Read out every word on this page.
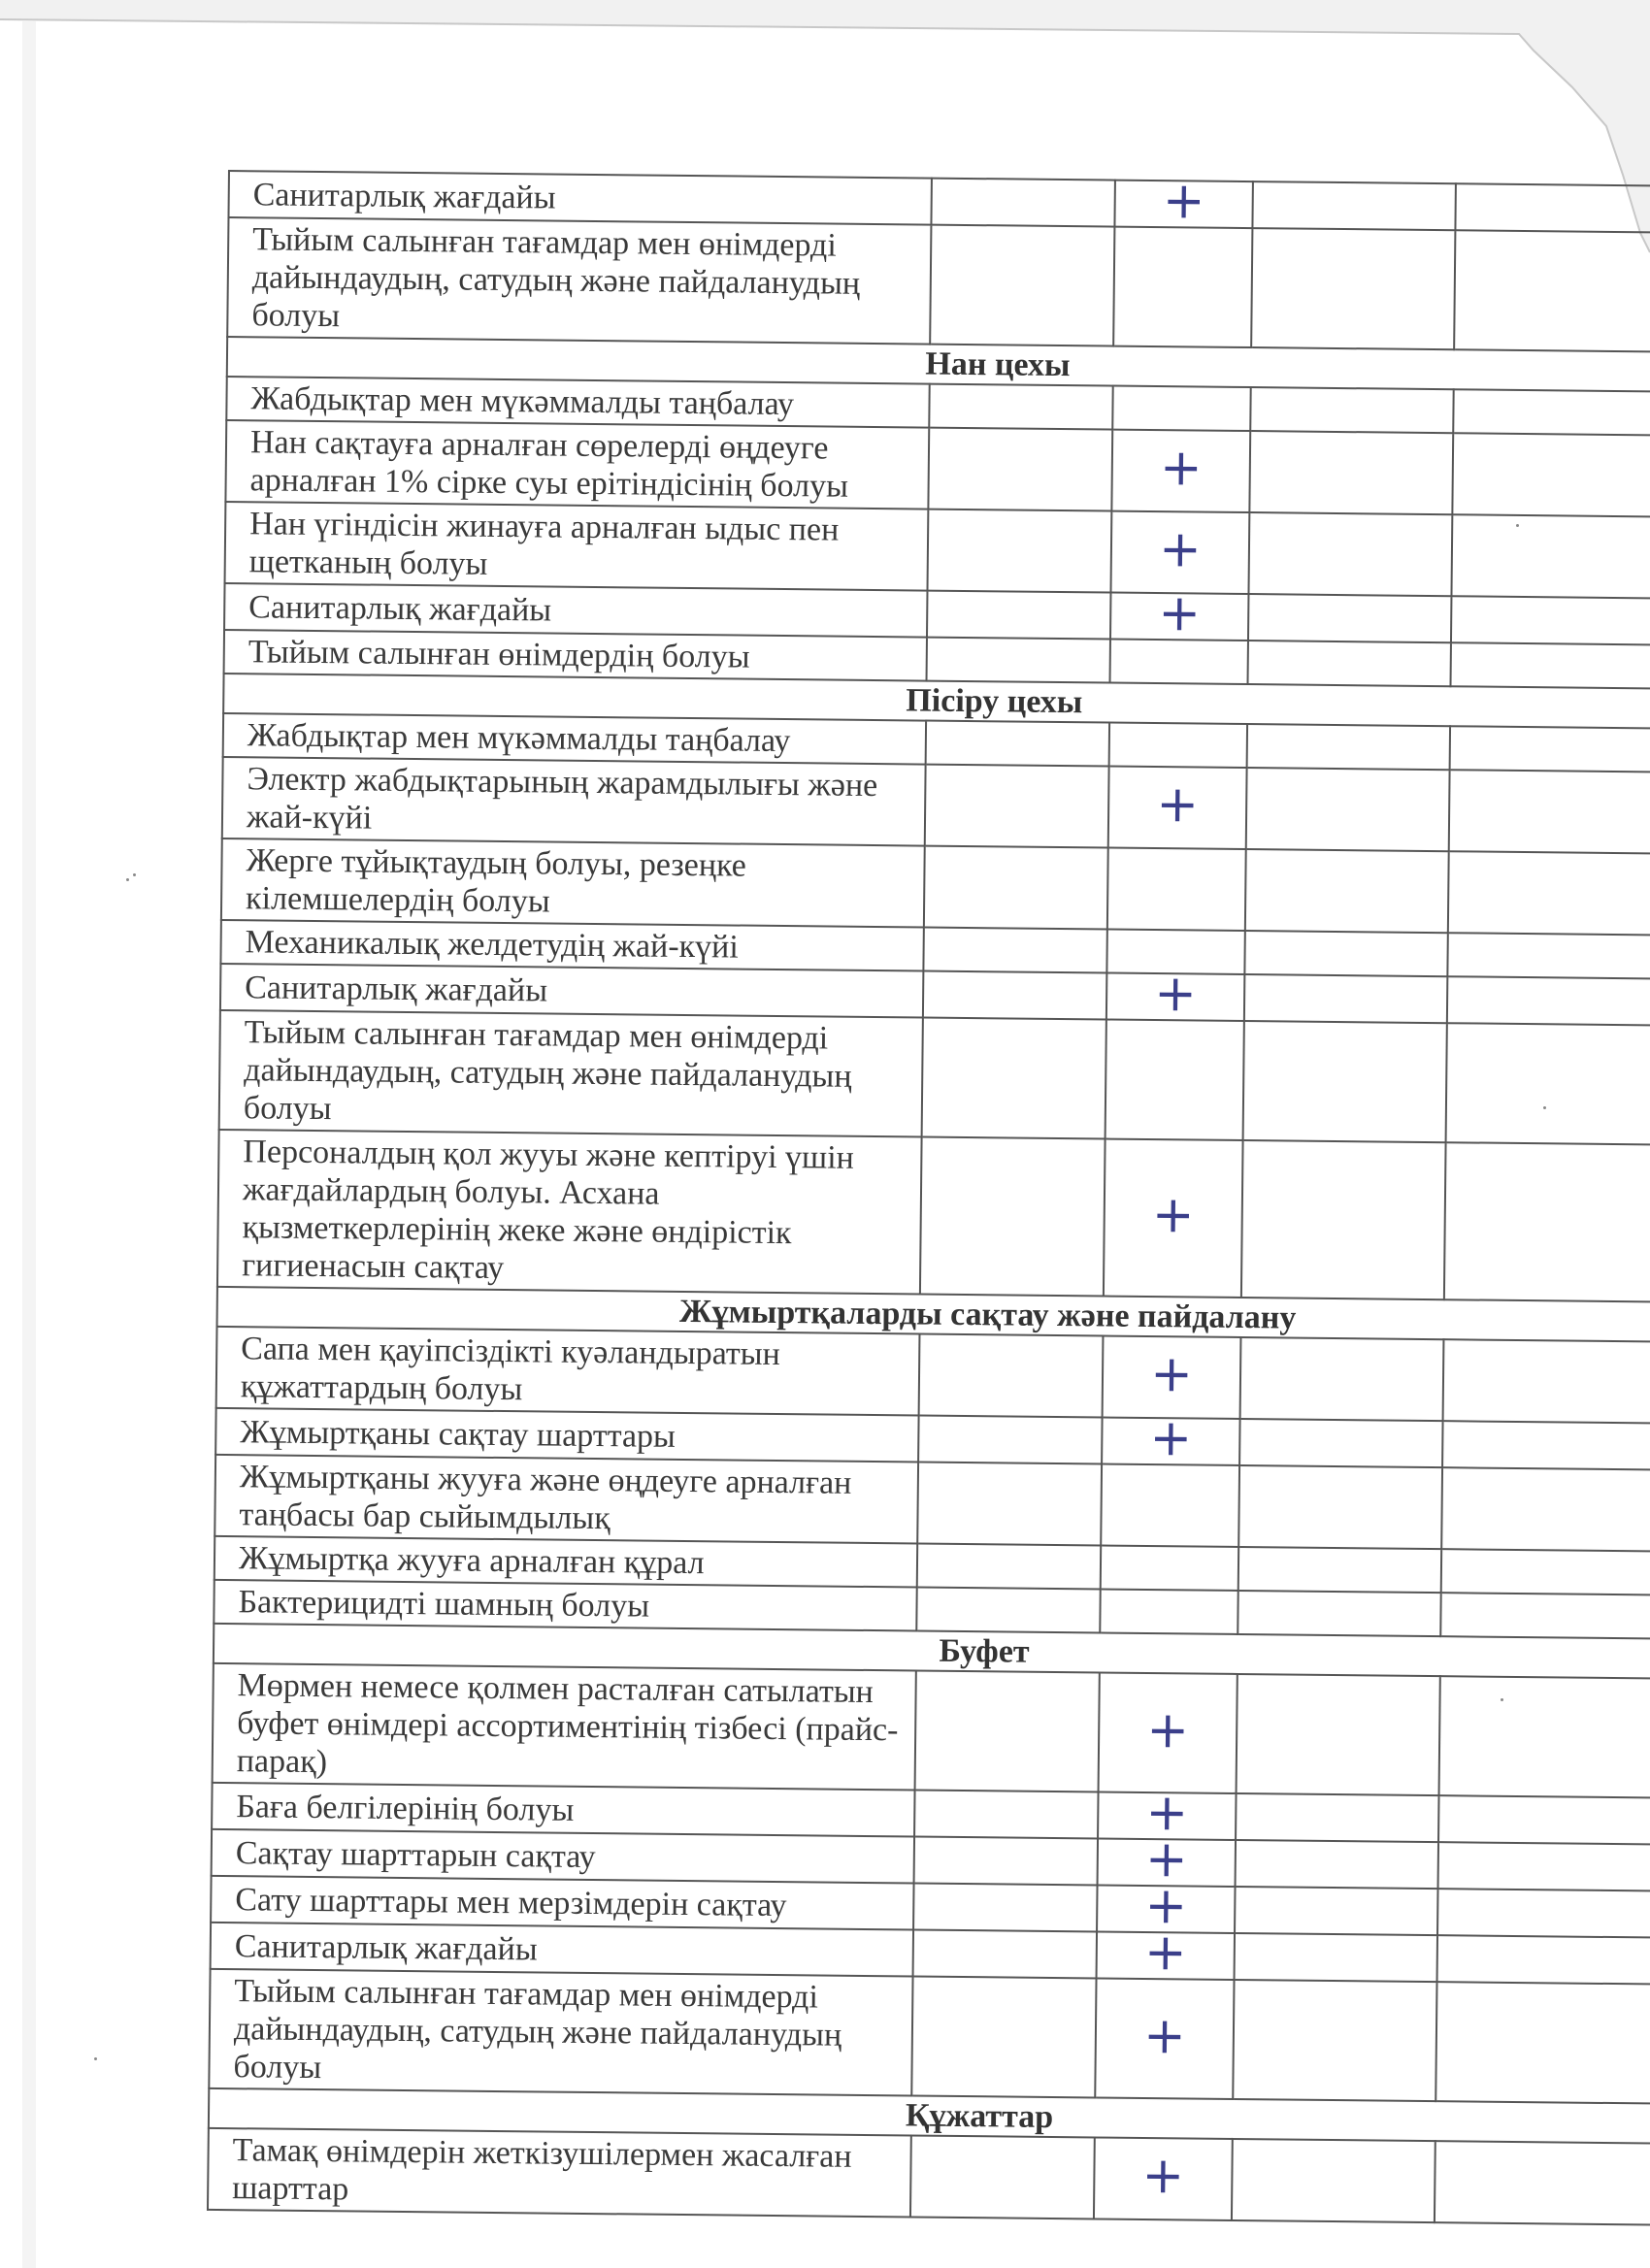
Санитарлық жағдайы		+		
Тыйым салынған тағамдар мен өнімдерді дайындаудың, сатудың және пайдаланудың болуы				
Нан цехы				
Жабдықтар мен мүкәммалды таңбалау				
Нан сақтауға арналған сөрелерді өңдеуге арналған 1% сірке суы ерітіндісінің болуы		+		
Нан үгіндісін жинауға арналған ыдыс пен щетканың болуы		+		
Санитарлық жағдайы		+		
Тыйым салынған өнімдердің болуы				
Пісіру цехы				
Жабдықтар мен мүкәммалды таңбалау				
Электр жабдықтарының жарамдылығы және жай-күйі		+		
Жерге тұйықтаудың болуы, резеңке кілемшелердің болуы				
Механикалық желдетудің жай-күйі				
Санитарлық жағдайы		+		
Тыйым салынған тағамдар мен өнімдерді дайындаудың, сатудың және пайдаланудың болуы				
Персоналдың қол жууы және кептіруі үшін жағдайлардың болуы. Асхана қызметкерлерінің жеке және өндірістік гигиенасын сақтау		+		
Жұмыртқаларды сақтау және пайдалану				
Сапа мен қауіпсіздікті куәландыратын құжаттардың болуы		+		
Жұмыртқаны сақтау шарттары		+		
Жұмыртқаны жууға және өңдеуге арналған таңбасы бар сыйымдылық				
Жұмыртқа жууға арналған құрал				
Бактерицидті шамның болуы				
Буфет				
Мөрмен немесе қолмен расталған сатылатын буфет өнімдері ассортиментінің тізбесі (прайс-парақ)		+		
Баға белгілерінің болуы		+		
Сақтау шарттарын сақтау		+		
Сату шарттары мен мерзімдерін сақтау		+		
Санитарлық жағдайы		+		
Тыйым салынған тағамдар мен өнімдерді дайындаудың, сатудың және пайдаланудың болуы		+		
Құжаттар				
Тамақ өнімдерін жеткізушілермен жасалған шарттар		+		
